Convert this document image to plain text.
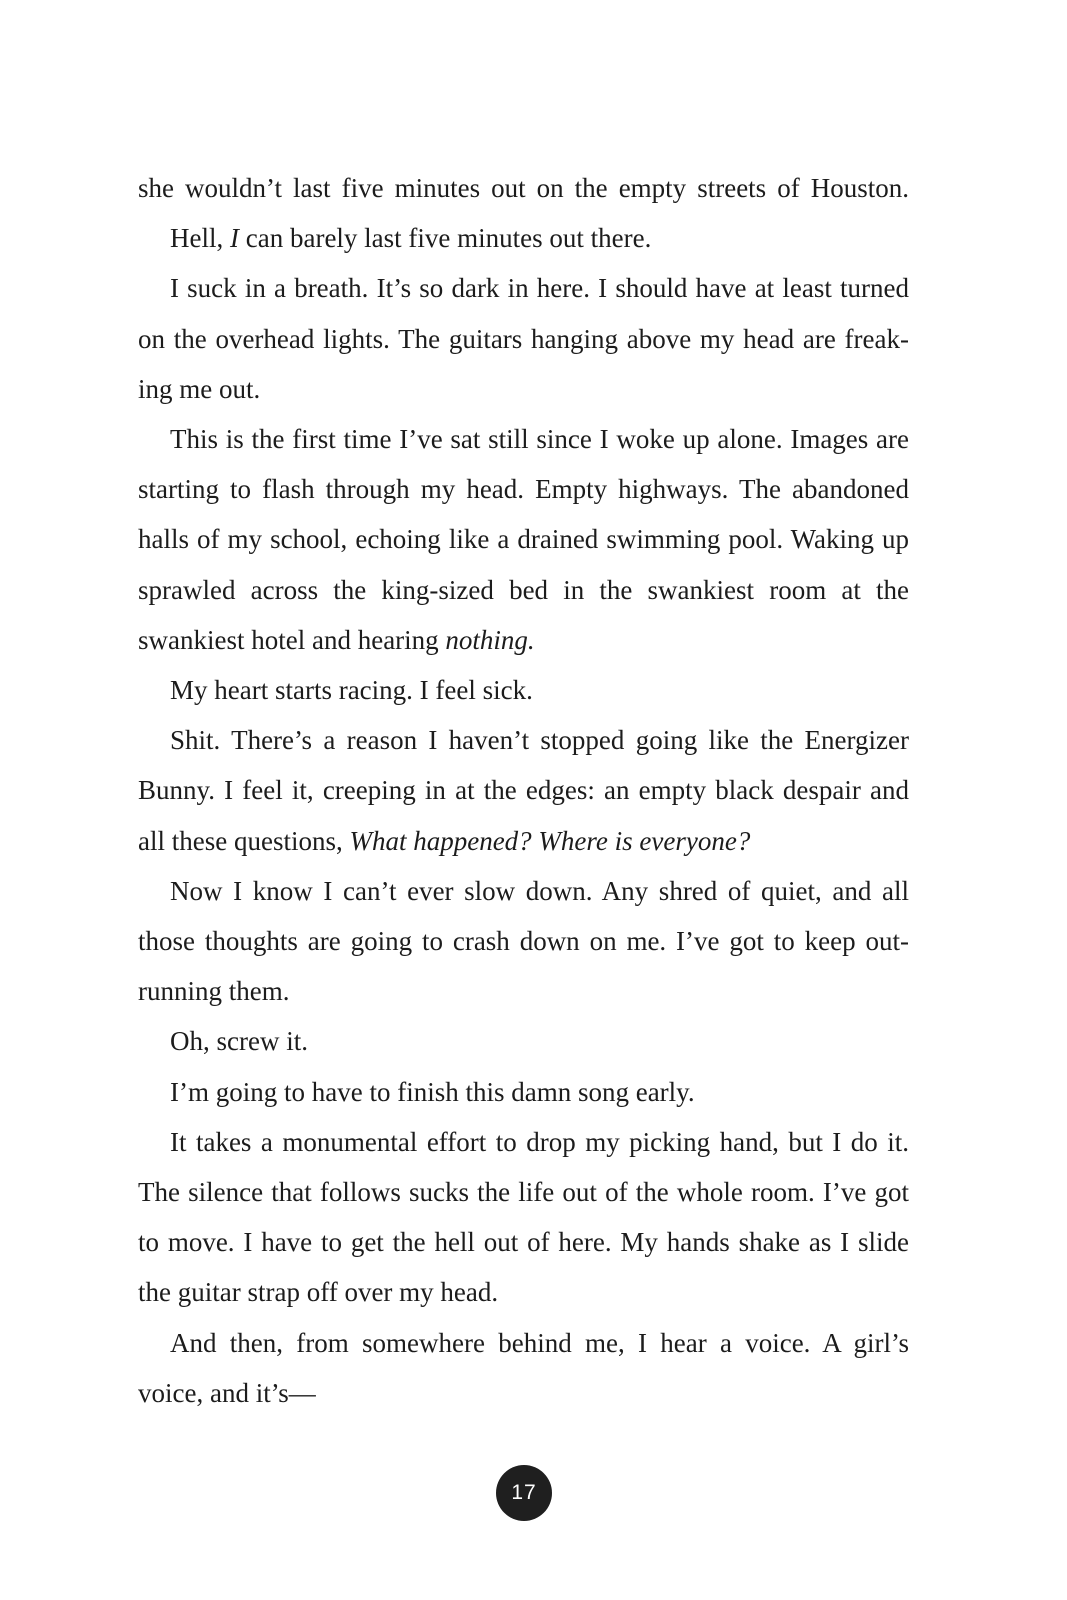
she wouldn’t last five minutes out on the empty streets of Houston.
Hell, I can barely last five minutes out there.
I suck in a breath. It’s so dark in here. I should have at least turned
on the overhead lights. The guitars hanging above my head are freak-
ing me out.
This is the first time I’ve sat still since I woke up alone. Images are
starting to flash through my head. Empty highways. The abandoned
halls of my school, echoing like a drained swimming pool. Waking up
sprawled across the king-sized bed in the swankiest room at the
swankiest hotel and hearing nothing.
My heart starts racing. I feel sick.
Shit. There’s a reason I haven’t stopped going like the Energizer
Bunny. I feel it, creeping in at the edges: an empty black despair and
all these questions, What happened? Where is everyone?
Now I know I can’t ever slow down. Any shred of quiet, and all
those thoughts are going to crash down on me. I’ve got to keep out-
running them.
Oh, screw it.
I’m going to have to finish this damn song early.
It takes a monumental effort to drop my picking hand, but I do it.
The silence that follows sucks the life out of the whole room. I’ve got
to move. I have to get the hell out of here. My hands shake as I slide
the guitar strap off over my head.
And then, from somewhere behind me, I hear a voice. A girl’s
voice, and it’s—
17
